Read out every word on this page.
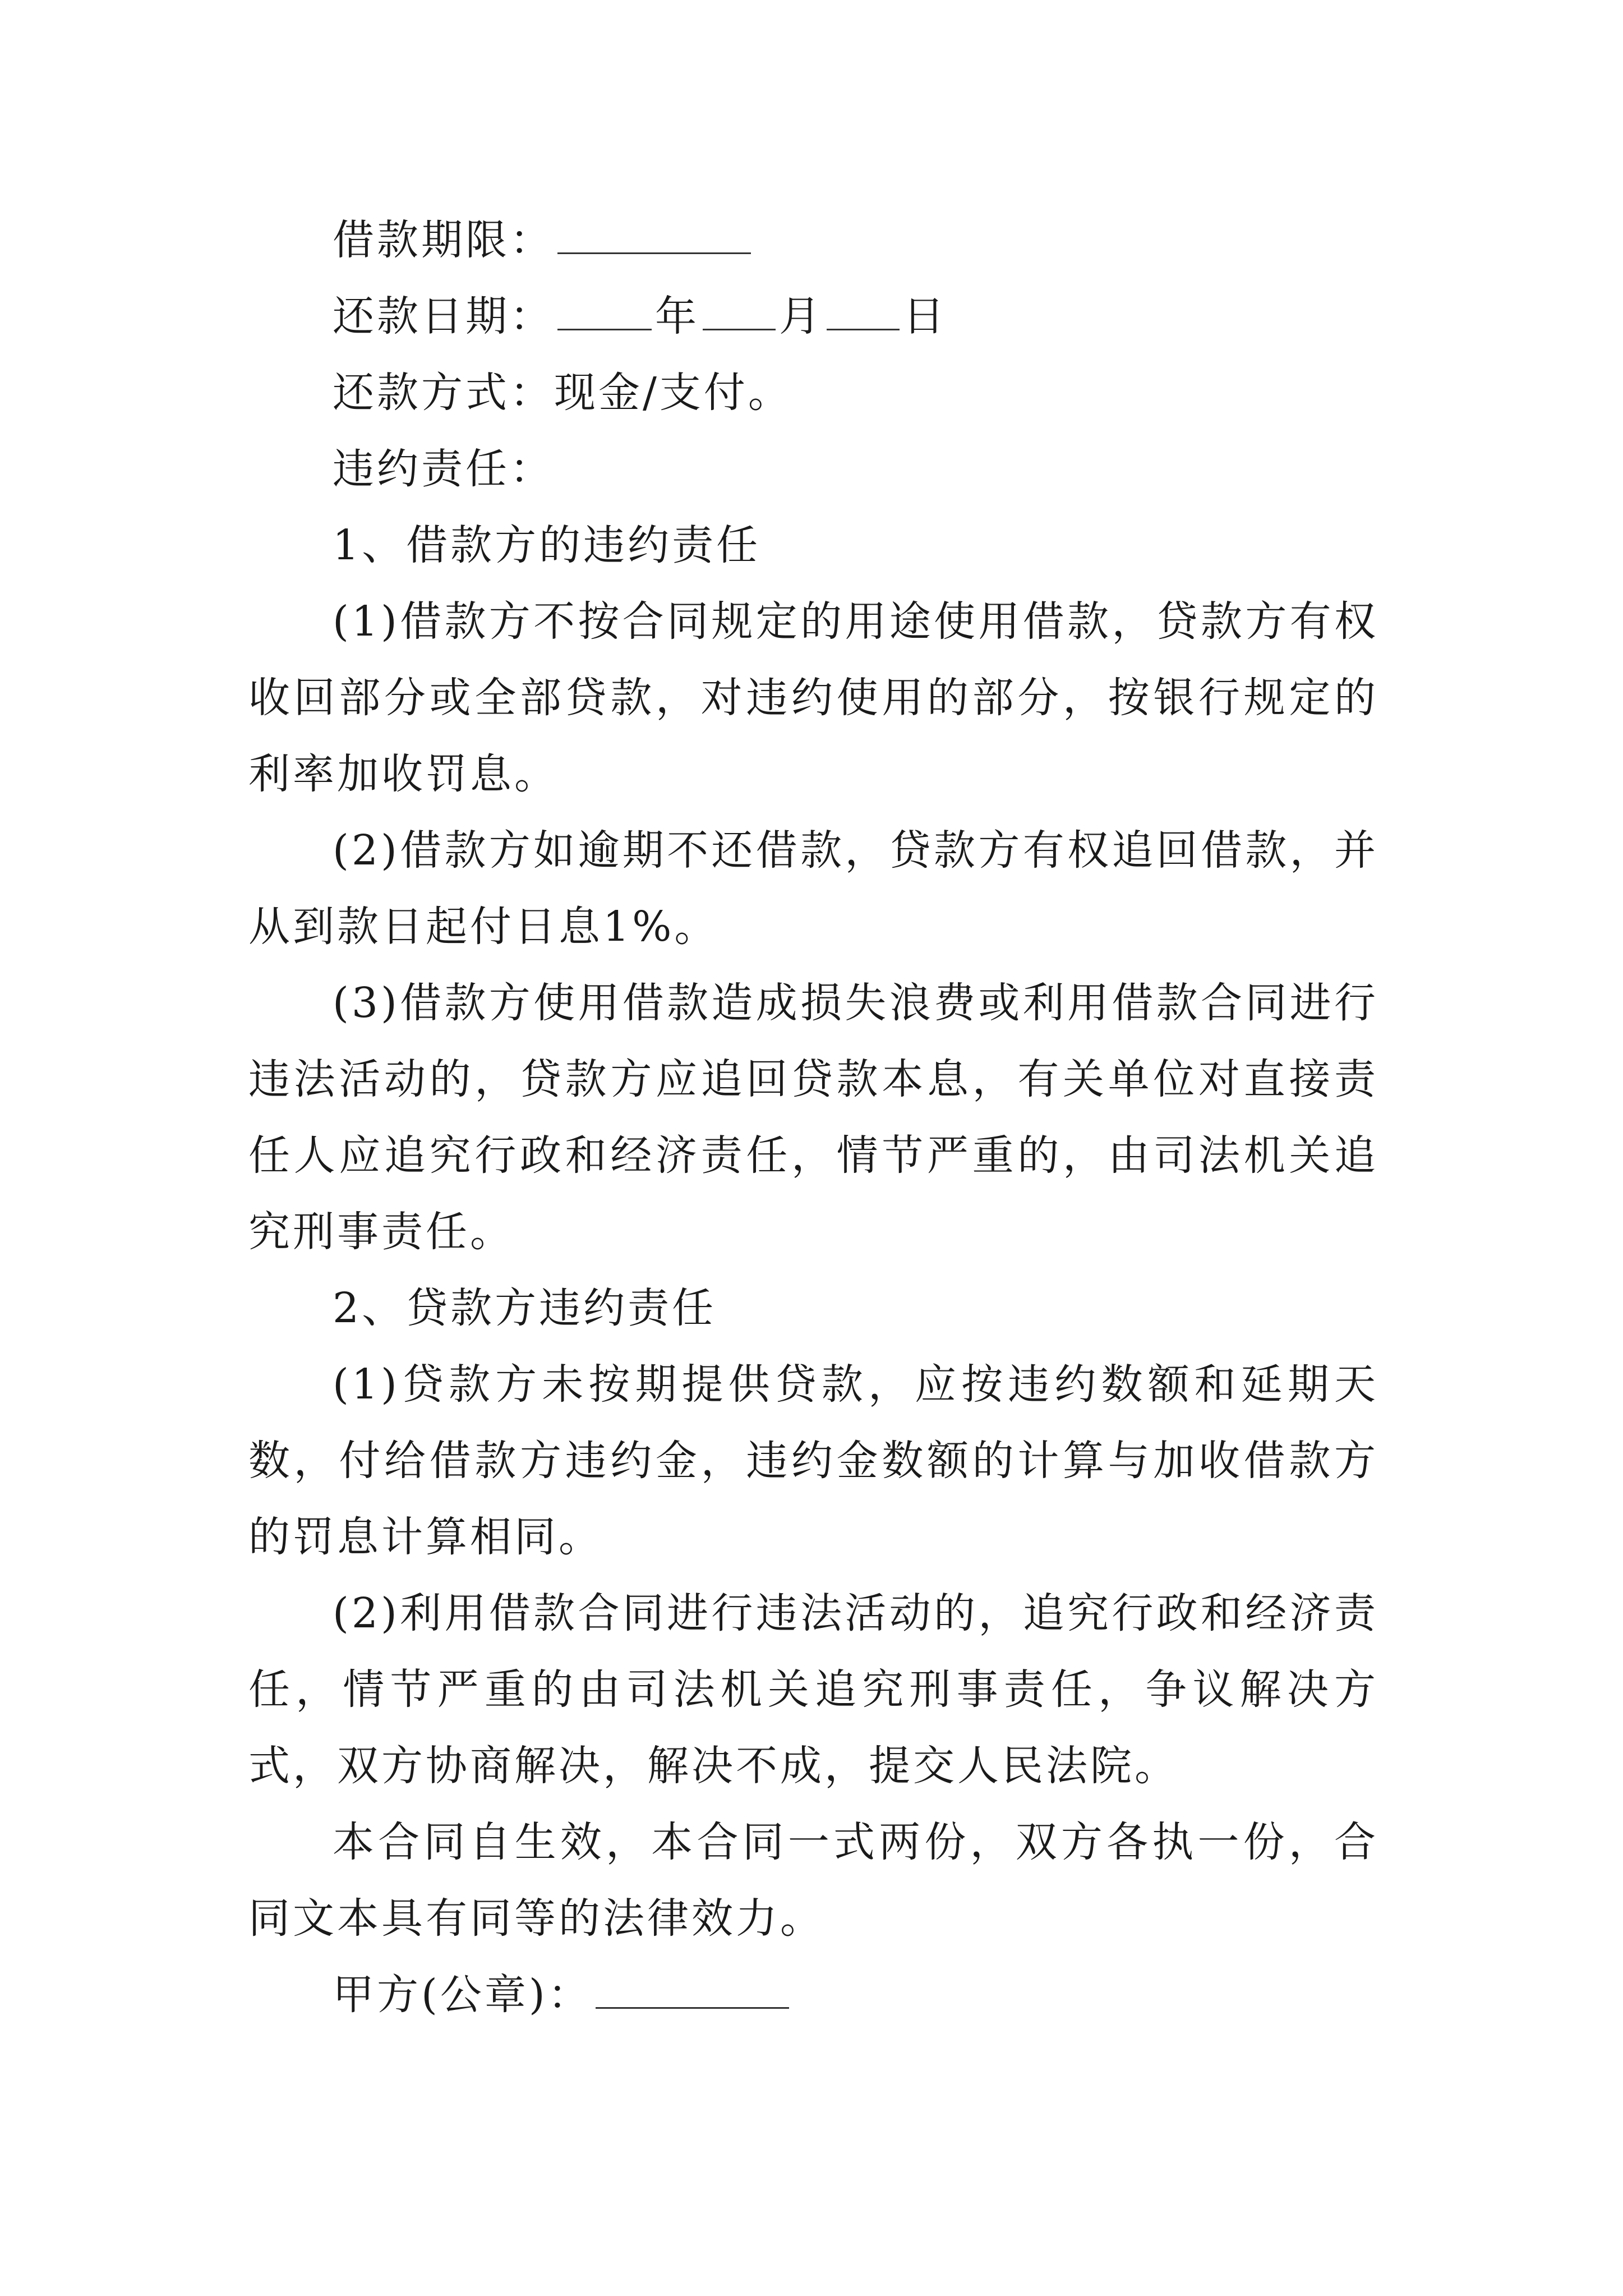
借款期限：

还款日期： 年 月 日

还款方式：现金/支付。

违约责任：

1、借款方的违约责任

(1)借款方不按合同规定的用途使用借款，贷款方有权收回部分或全部贷款，对违约使用的部分，按银行规定的利率加收罚息。

(2)借款方如逾期不还借款，贷款方有权追回借款，并从到款日起付日息1%。

(3)借款方使用借款造成损失浪费或利用借款合同进行违法活动的，贷款方应追回贷款本息，有关单位对直接责任人应追究行政和经济责任，情节严重的，由司法机关追究刑事责任。

2、贷款方违约责任

(1)贷款方未按期提供贷款，应按违约数额和延期天数，付给借款方违约金，违约金数额的计算与加收借款方的罚息计算相同。

(2)利用借款合同进行违法活动的，追究行政和经济责任，情节严重的由司法机关追究刑事责任，争议解决方式，双方协商解决，解决不成，提交人民法院。

本合同自生效，本合同一式两份，双方各执一份，合同文本具有同等的法律效力。

甲方(公章)：
